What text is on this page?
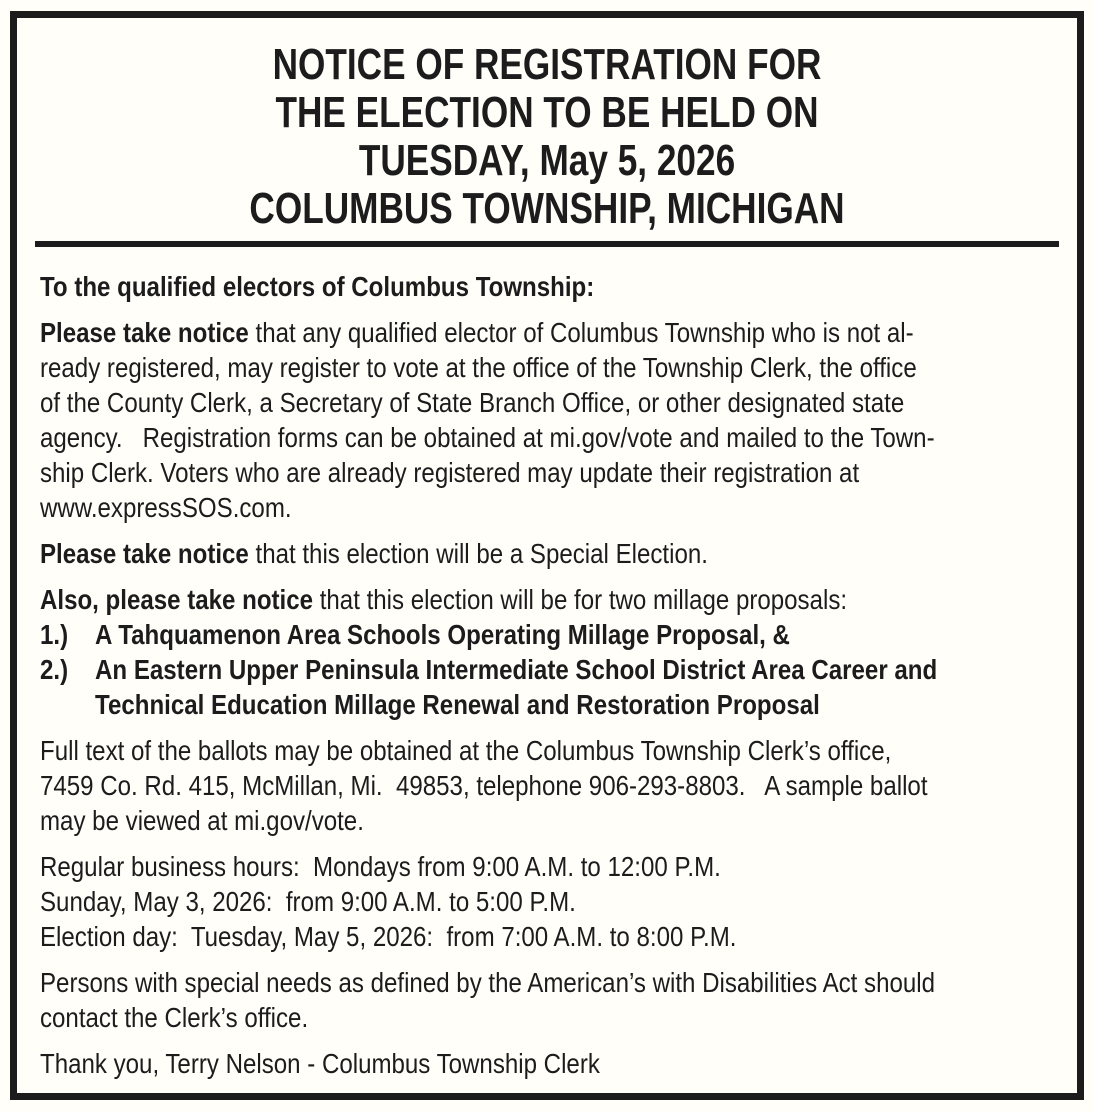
NOTICE OF REGISTRATION FOR
THE ELECTION TO BE HELD ON
TUESDAY, May 5, 2026
COLUMBUS TOWNSHIP, MICHIGAN

To the qualified electors of Columbus Township:

Please take notice that any qualified elector of Columbus Township who is not al-
ready registered, may register to vote at the office of the Township Clerk, the office
of the County Clerk, a Secretary of State Branch Office, or other designated state
agency.   Registration forms can be obtained at mi.gov/vote and mailed to the Town-
ship Clerk. Voters who are already registered may update their registration at
www.expressSOS.com.

Please take notice that this election will be a Special Election.

Also, please take notice that this election will be for two millage proposals:

1.) A Tahquamenon Area Schools Operating Millage Proposal, &
2.) An Eastern Upper Peninsula Intermediate School District Area Career and
Technical Education Millage Renewal and Restoration Proposal

Full text of the ballots may be obtained at the Columbus Township Clerk’s office,
7459 Co. Rd. 415, McMillan, Mi.  49853, telephone 906-293-8803.   A sample ballot
may be viewed at mi.gov/vote.

Regular business hours:  Mondays from 9:00 A.M. to 12:00 P.M.
Sunday, May 3, 2026:  from 9:00 A.M. to 5:00 P.M.
Election day:  Tuesday, May 5, 2026:  from 7:00 A.M. to 8:00 P.M.

Persons with special needs as defined by the American’s with Disabilities Act should
contact the Clerk’s office.

Thank you, Terry Nelson - Columbus Township Clerk
